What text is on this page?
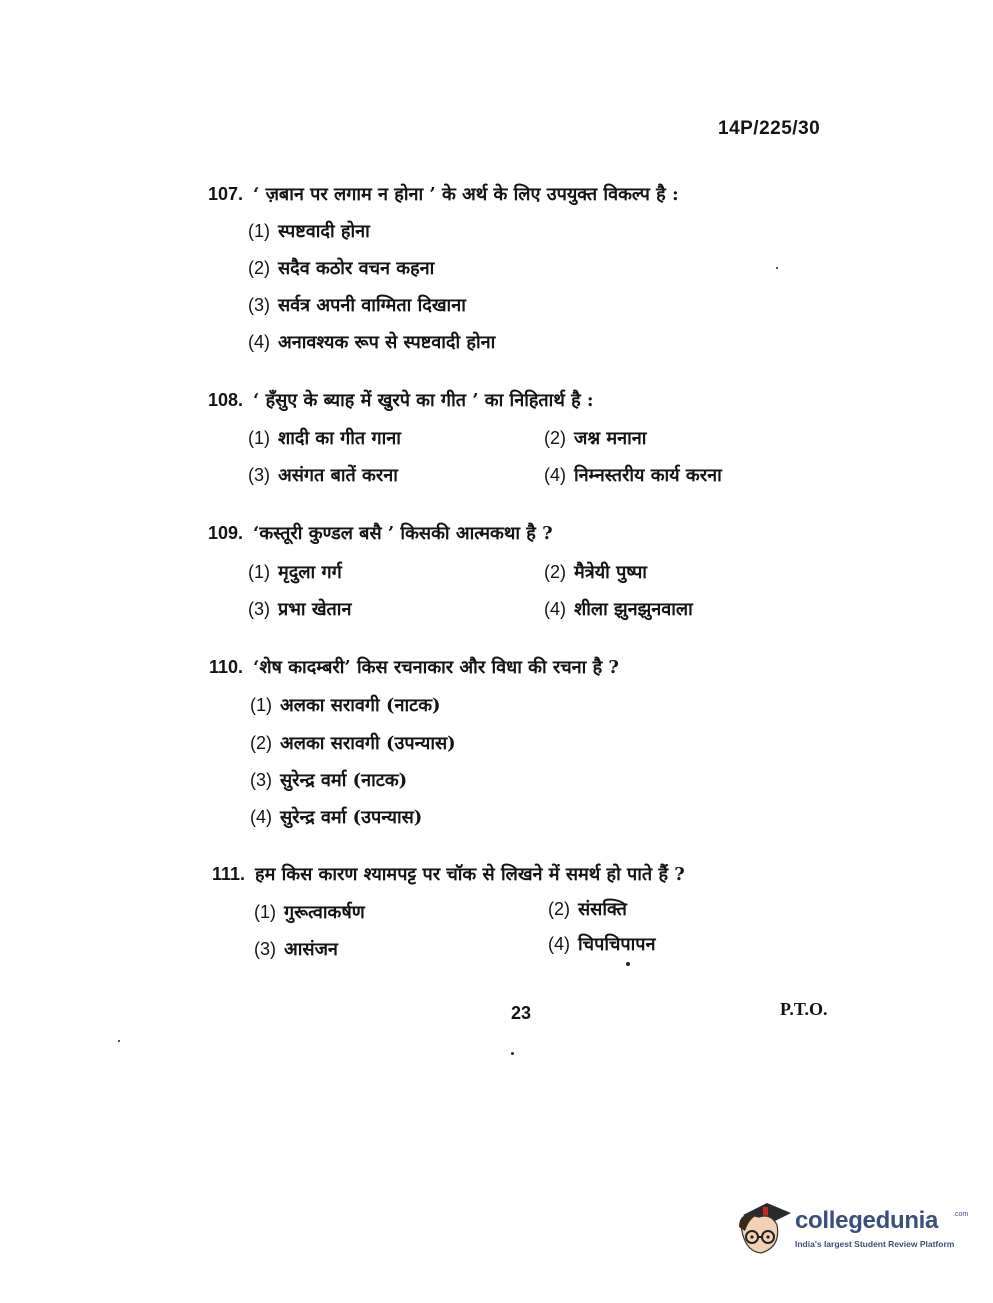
14P/225/30
107. ‘ ज़बान पर लगाम न होना ’ के अर्थ के लिए उपयुक्त विकल्प है :
(1) स्पष्टवादी होना
(2) सदैव कठोर वचन कहना
(3) सर्वत्र अपनी वाग्मिता दिखाना
(4) अनावश्यक रूप से स्पष्टवादी होना
108. ‘ हँसुए के ब्याह में खुरपे का गीत ’ का निहितार्थ है :
(1) शादी का गीत गाना	(2) जश्न मनाना
(3) असंगत बातें करना	(4) निम्नस्तरीय कार्य करना
109. ‘कस्तूरी कुण्डल बसै ’ किसकी आत्मकथा है ?
(1) मृदुला गर्ग	(2) मैत्रेयी पुष्पा
(3) प्रभा खेतान	(4) शीला झुनझुनवाला
110. ‘शेष कादम्बरी’ किस रचनाकार और विधा की रचना है ?
(1) अलका सरावगी (नाटक)
(2) अलका सरावगी (उपन्यास)
(3) सुरेन्द्र वर्मा (नाटक)
(4) सुरेन्द्र वर्मा (उपन्यास)
111. हम किस कारण श्यामपट्ट पर चॉक से लिखने में समर्थ हो पाते हैं ?
(1) गुरूत्वाकर्षण	(2) संसक्ति
(3) आसंजन	(4) चिपचिपापन
23	P.T.O.
collegedunia .com
India's largest Student Review Platform
